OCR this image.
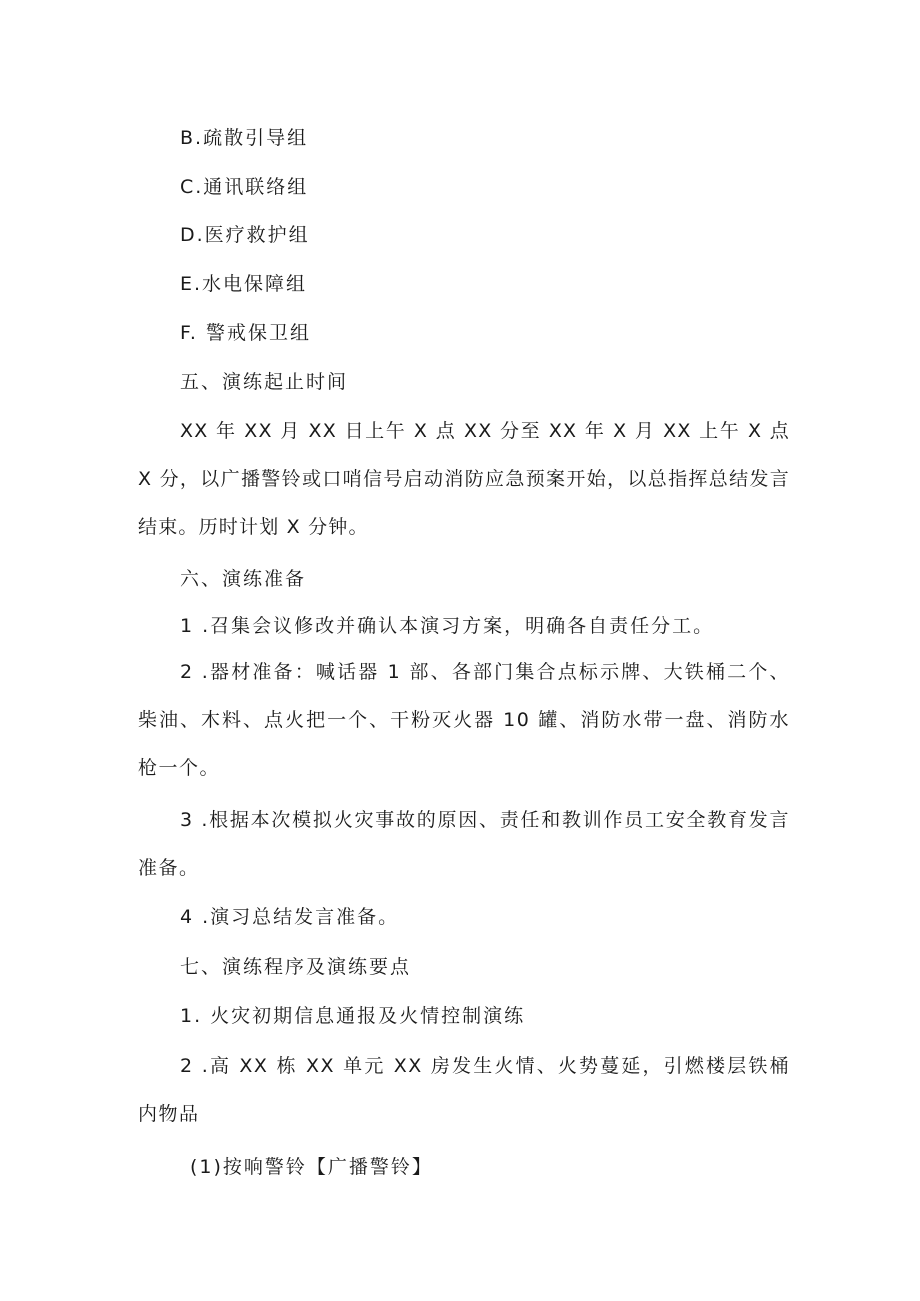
B.疏散引导组
C.通讯联络组
D.医疗救护组
E.水电保障组
F. 警戒保卫组
五、演练起止时间
XX 年 XX 月 XX 日上午 X 点 XX 分至 XX 年 X 月 XX 上午 X 点 X 分，以广播警铃或口哨信号启动消防应急预案开始，以总指挥总结发言结束。历时计划 X 分钟。
六、演练准备
1 .召集会议修改并确认本演习方案，明确各自责任分工。
2 .器材准备：喊话器 1 部、各部门集合点标示牌、大铁桶二个、柴油、木料、点火把一个、干粉灭火器 10 罐、消防水带一盘、消防水枪一个。
3 .根据本次模拟火灾事故的原因、责任和教训作员工安全教育发言准备。
4 .演习总结发言准备。
七、演练程序及演练要点
1. 火灾初期信息通报及火情控制演练
2 .高 XX 栋 XX 单元 XX 房发生火情、火势蔓延，引燃楼层铁桶内物品
(1)按响警铃【广播警铃】
